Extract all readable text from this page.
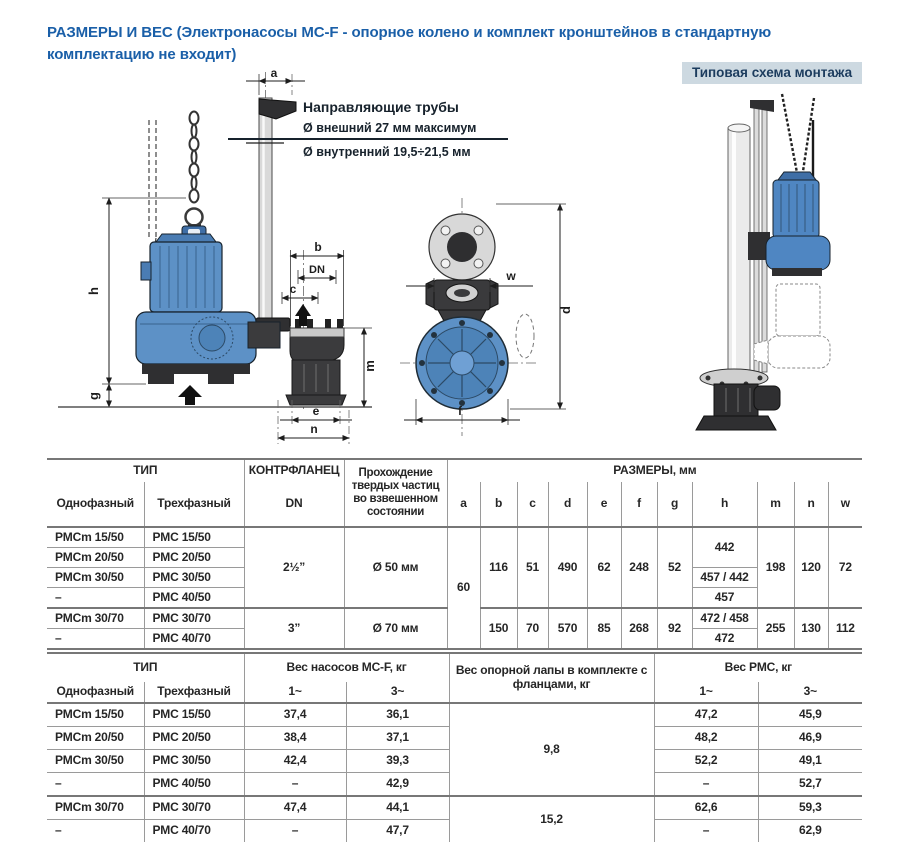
РАЗМЕРЫ И ВЕС (Электронасосы MC-F - опорное колено и комплект кронштейнов в стандартную комплектацию не входит)
a
h
g
b
DN
c
m
e
n
Направляющие трубы
Ø внешний 27 мм максимум
Ø внутренний 19,5÷21,5 мм
w
d
f
Типовая схема монтажа
ТИП		КОНТРФЛАНЕЦ	Прохождение твердых частиц во взвешенном состоянии	РАЗМЕРЫ, мм										
Однофазный	Трехфазный	DN		a	b	c	d	e	f	g	h	m	n	w
PMCm 15/50	PMC 15/50	2½”	Ø 50 мм	60	116	51	490	62	248	52	442	198	120	72
PMCm 20/50	PMC 20/50													
PMCm 30/50	PMC 30/50										457 / 442			
–	PMC 40/50										457			
PMCm 30/70	PMC 30/70	3”	Ø 70 мм		150	70	570	85	268	92	472 / 458	255	130	112
–	PMC 40/70										472			
ТИП		Вес насосов MC-F, кг		Вес опорной лапы в комплекте с фланцами, кг	Вес PMC, кг	
Однофазный	Трехфазный	1~	3~		1~	3~
PMCm 15/50	PMC 15/50	37,4	36,1	9,8	47,2	45,9
PMCm 20/50	PMC 20/50	38,4	37,1		48,2	46,9
PMCm 30/50	PMC 30/50	42,4	39,3		52,2	49,1
–	PMC 40/50	–	42,9		–	52,7
PMCm 30/70	PMC 30/70	47,4	44,1	15,2	62,6	59,3
–	PMC 40/70	–	47,7		–	62,9
